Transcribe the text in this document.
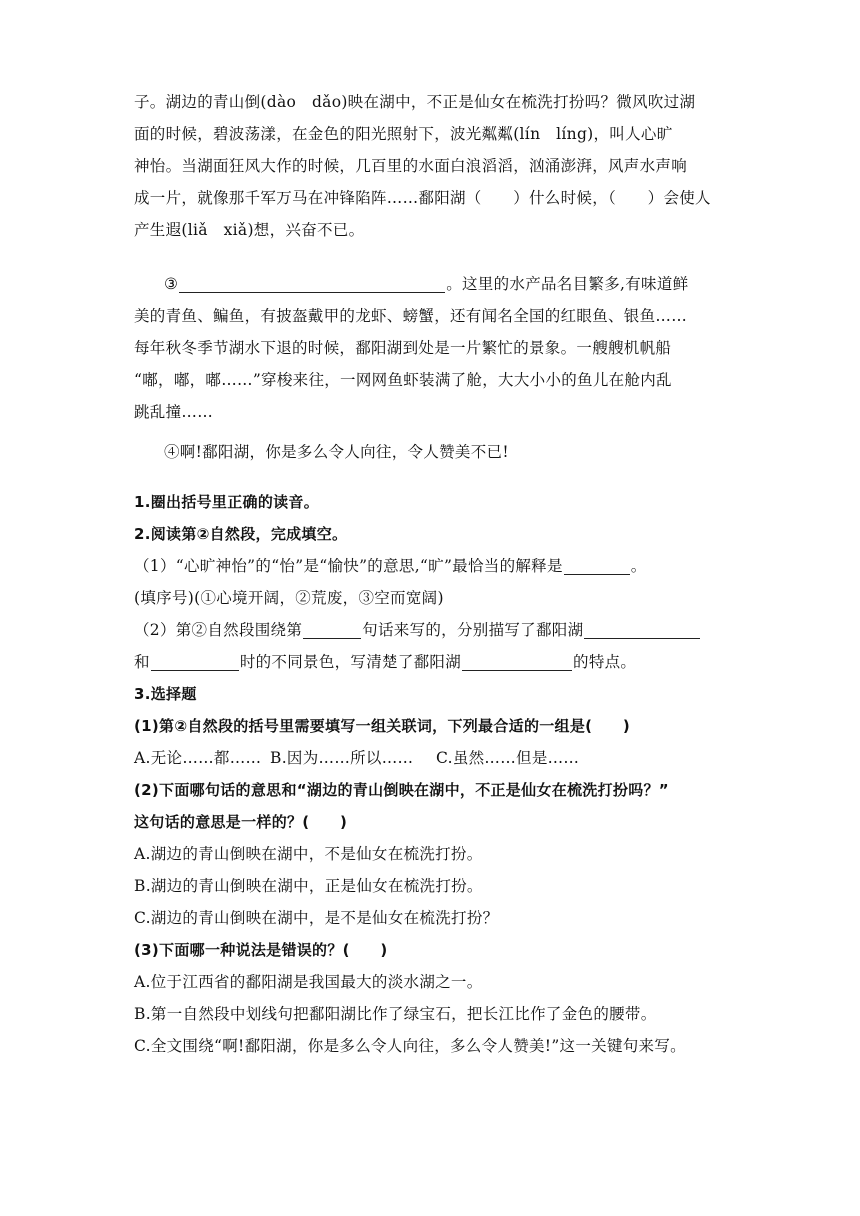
子。湖边的青山倒(dào　dǎo)映在湖中，不正是仙女在梳洗打扮吗？微风吹过湖
面的时候，碧波荡漾，在金色的阳光照射下，波光粼粼(lín　líng)，叫人心旷
神怡。当湖面狂风大作的时候，几百里的水面白浪滔滔，汹涌澎湃，风声水声响
成一片，就像那千军万马在冲锋陷阵……鄱阳湖（　　）什么时候，（　　）会使人
产生遐(liǎ　xiǎ)想，兴奋不已。
③	。这里的水产品名目繁多,有味道鲜
美的青鱼、鳊鱼，有披盔戴甲的龙虾、螃蟹，还有闻名全国的红眼鱼、银鱼……
每年秋冬季节湖水下退的时候，鄱阳湖到处是一片繁忙的景象。一艘艘机帆船
“嘟，嘟，嘟……”穿梭来往，一网网鱼虾装满了舱，大大小小的鱼儿在舱内乱
跳乱撞……
④啊!鄱阳湖，你是多么令人向往，令人赞美不已!
1.圈出括号里正确的读音。
2.阅读第②自然段，完成填空。
（1）“心旷神怡”的“怡”是“愉快”的意思,“旷”最恰当的解释是	。
(填序号)(①心境开阔，②荒废，③空而宽阔)
（2）第②自然段围绕第	句话来写的，分别描写了鄱阳湖
和	时的不同景色，写清楚了鄱阳湖	的特点。
3.选择题
(1)第②自然段的括号里需要填写一组关联词，下列最合适的一组是(　　)
A.无论……都…… B.因为……所以…… C.虽然……但是……
(2)下面哪句话的意思和“湖边的青山倒映在湖中，不正是仙女在梳洗打扮吗？”
这句话的意思是一样的？(　　)
A.湖边的青山倒映在湖中，不是仙女在梳洗打扮。
B.湖边的青山倒映在湖中，正是仙女在梳洗打扮。
C.湖边的青山倒映在湖中，是不是仙女在梳洗打扮？
(3)下面哪一种说法是错误的？(　　)
A.位于江西省的鄱阳湖是我国最大的淡水湖之一。
B.第一自然段中划线句把鄱阳湖比作了绿宝石，把长江比作了金色的腰带。
C.全文围绕“啊!鄱阳湖，你是多么令人向往，多么令人赞美!”这一关键句来写。
